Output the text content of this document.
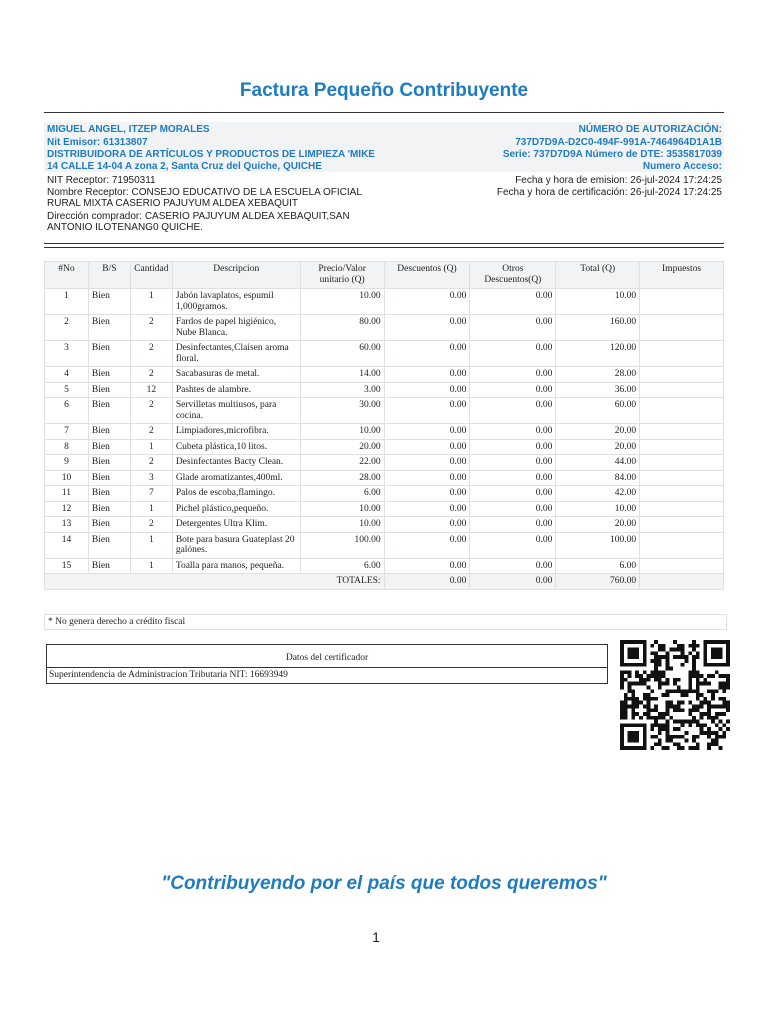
Factura Pequeño Contribuyente
MIGUEL ANGEL, ITZEP MORALES
Nit Emisor: 61313807
DISTRIBUIDORA DE ARTÍCULOS Y PRODUCTOS DE LIMPIEZA 'MIKE
14 CALLE 14-04 A zona 2, Santa Cruz del Quiche, QUICHE
NÚMERO DE AUTORIZACIÓN:
737D7D9A-D2C0-494F-991A-7464964D1A1B
Serie: 737D7D9A Número de DTE: 3535817039
Numero Acceso:
NIT Receptor: 71950311	Fecha y hora de emision: 26-jul-2024 17:24:25
Fecha y hora de certificación: 26-jul-2024 17:24:25
Nombre Receptor: CONSEJO EDUCATIVO DE LA ESCUELA OFICIAL
RURAL MIXTA CASERIO PAJUYUM ALDEA XEBAQUIT
Dirección comprador: CASERIO PAJUYUM ALDEA XEBAQUIT,SAN
ANTONIO ILOTENANG0 QUICHE.
#No	B/S	Cantidad	Descripcion	Precio/Valor unitario (Q)	Descuentos (Q)	Otros Descuentos(Q)	Total (Q)	Impuestos
1	Bien	1	Jabón lavaplatos, espumil 1,000gramos.	10.00	0.00	0.00	10.00	
2	Bien	2	Fardos de papel higiénico, Nube Blanca.	80.00	0.00	0.00	160.00	
3	Bien	2	Desinfectantes,Claisen aroma floral.	60.00	0.00	0.00	120.00	
4	Bien	2	Sacabasuras de metal.	14.00	0.00	0.00	28.00	
5	Bien	12	Pashtes de alambre.	3.00	0.00	0.00	36.00	
6	Bien	2	Servilletas multiusos, para cocina.	30.00	0.00	0.00	60.00	
7	Bien	2	Limpiadores,microfibra.	10.00	0.00	0.00	20.00	
8	Bien	1	Cubeta plástica,10 litos.	20.00	0.00	0.00	20.00	
9	Bien	2	Desinfectantes Bacty Clean.	22.00	0.00	0.00	44.00	
10	Bien	3	Glade aromatizantes,400ml.	28.00	0.00	0.00	84.00	
11	Bien	7	Palos de escoba,flamingo.	6.00	0.00	0.00	42.00	
12	Bien	1	Pichel plástico,pequeño.	10.00	0.00	0.00	10.00	
13	Bien	2	Detergentes Ultra Klim.	10.00	0.00	0.00	20.00	
14	Bien	1	Bote para basura Guateplast 20 galónes.	100.00	0.00	0.00	100.00	
15	Bien	1	Toalla para manos, pequeña.	6.00	0.00	0.00	6.00	
TOTALES:					0.00	0.00	760.00	
* No genera derecho a crédito fiscal
Datos del certificador
Superintendencia de Administracion Tributaria NIT: 16693949
"Contribuyendo por el país que todos queremos"
1
